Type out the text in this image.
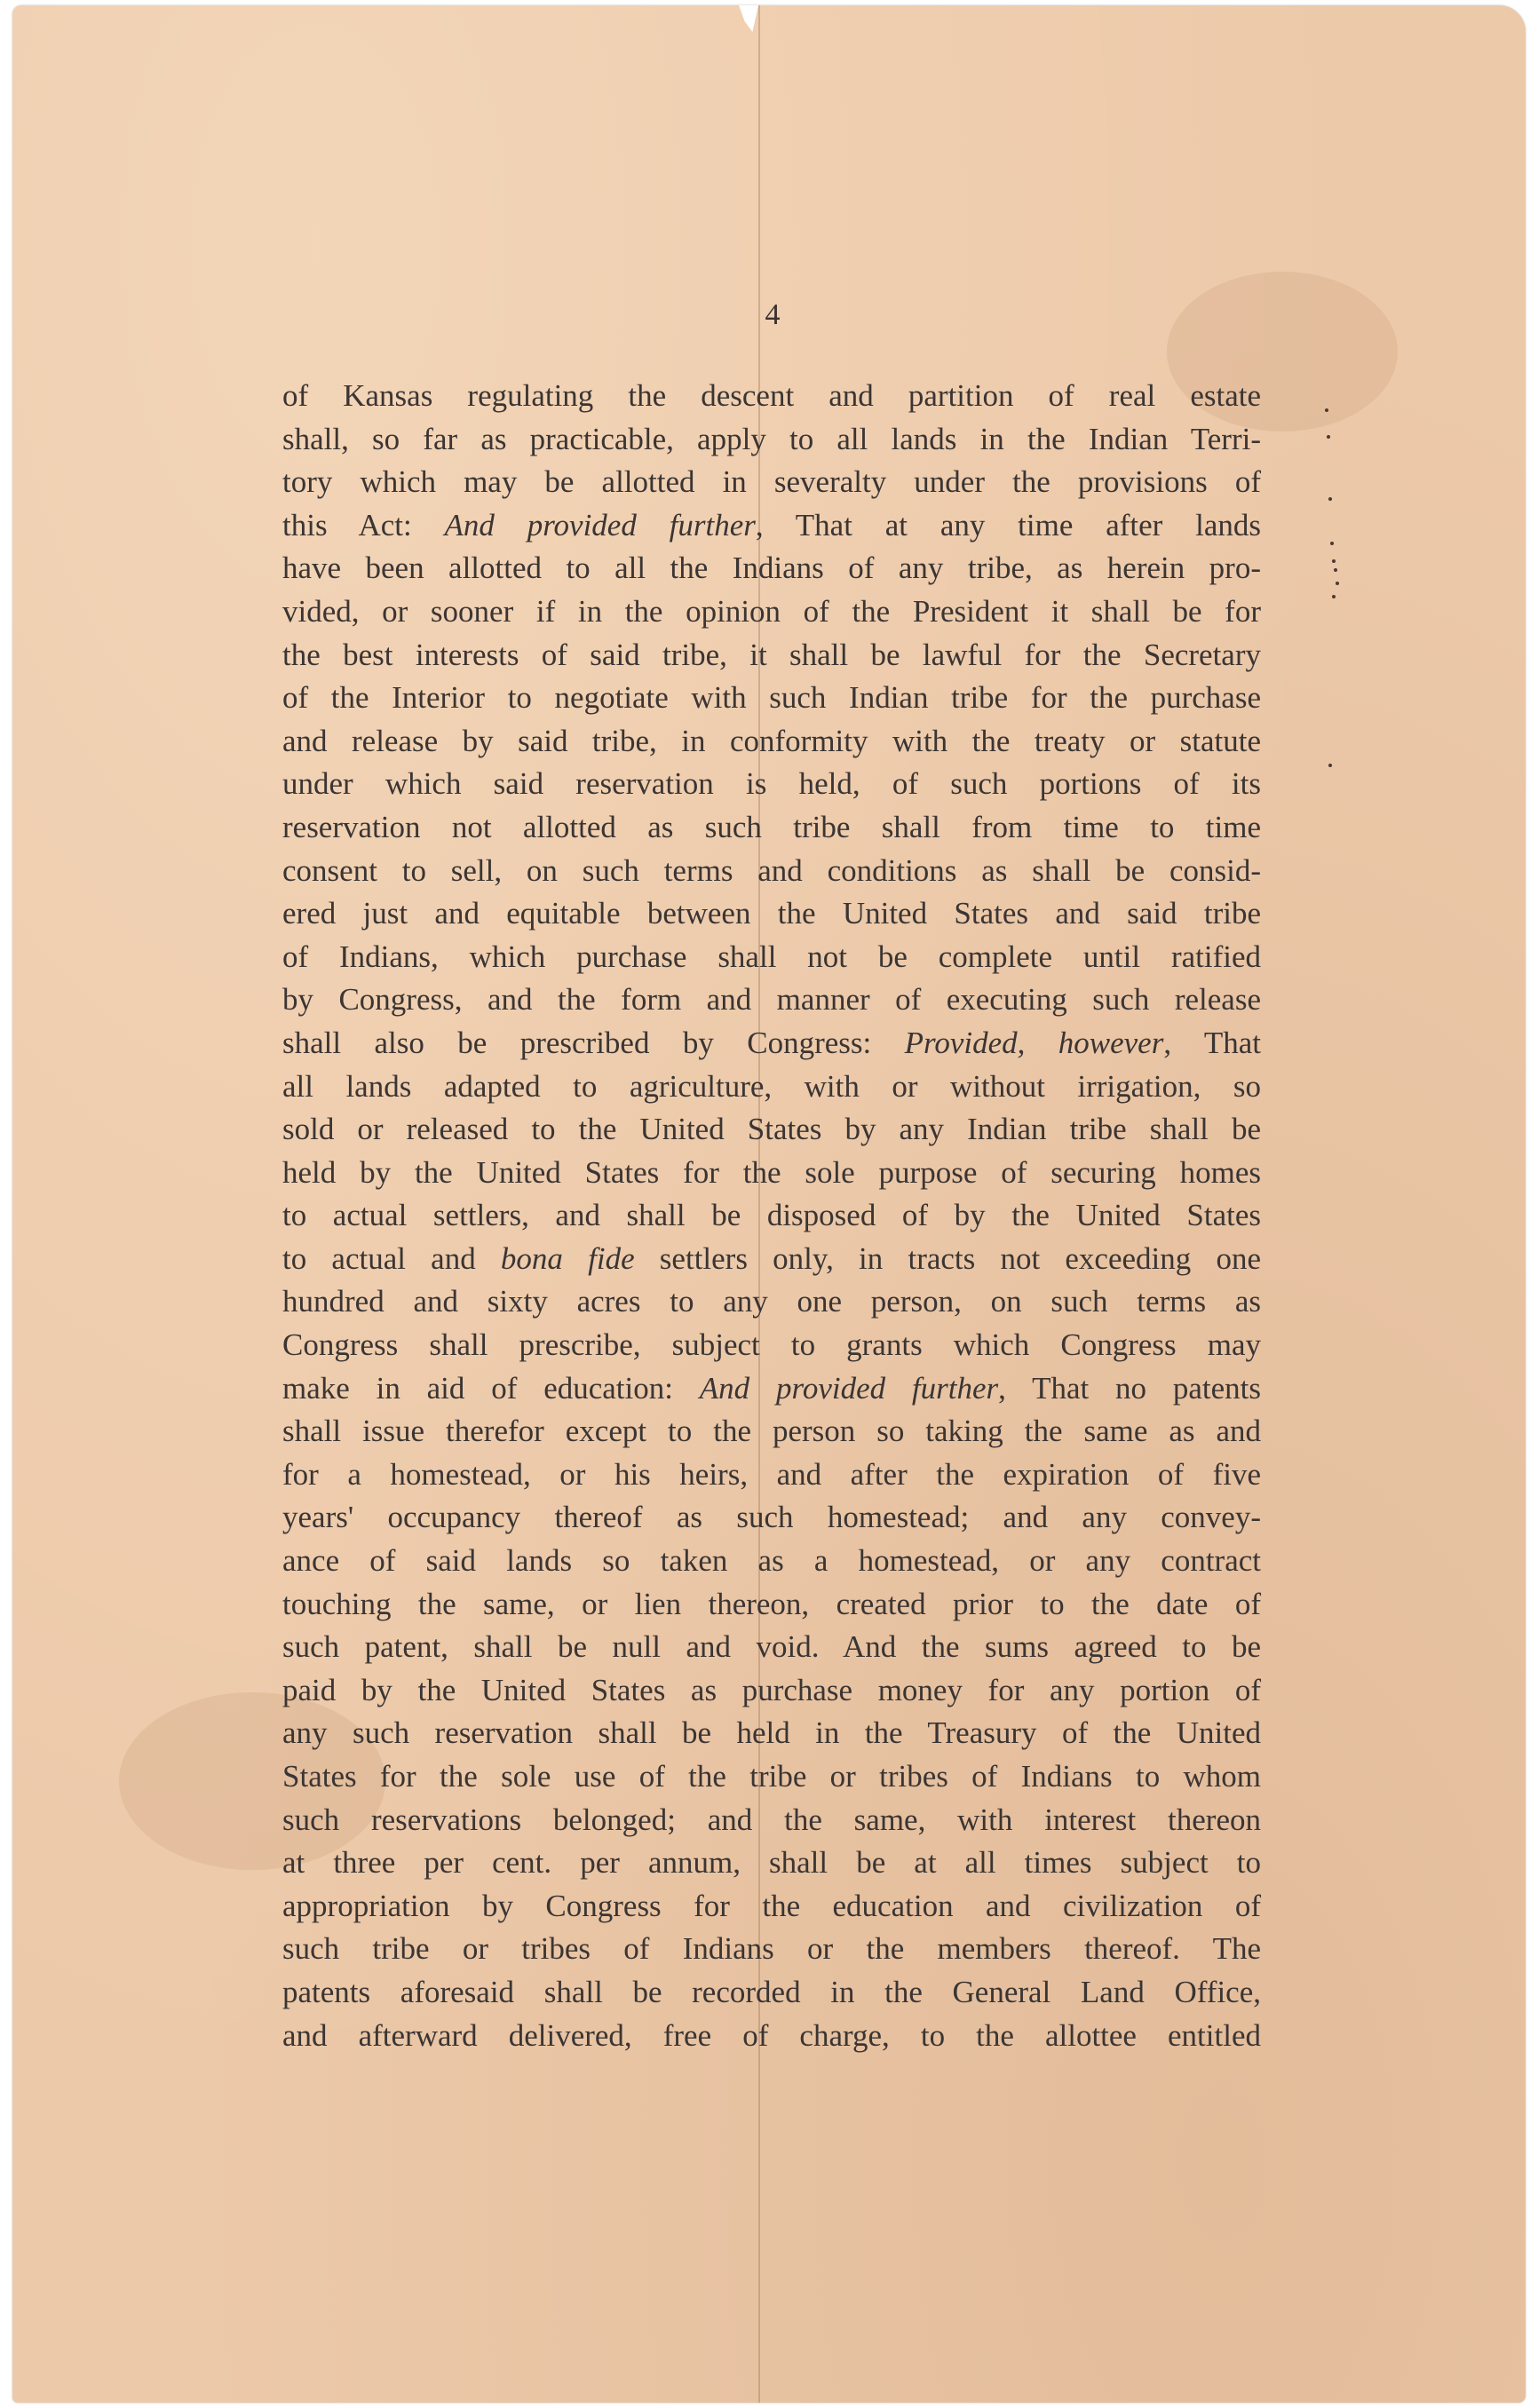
4
of Kansas regulating the descent and partition of real estate
shall, so far as practicable, apply to all lands in the Indian Terri-
tory which may be allotted in severalty under the provisions of
this Act: And provided further, That at any time after lands
have been allotted to all the Indians of any tribe, as herein pro-
vided, or sooner if in the opinion of the President it shall be for
the best interests of said tribe, it shall be lawful for the Secretary
of the Interior to negotiate with such Indian tribe for the purchase
and release by said tribe, in conformity with the treaty or statute
under which said reservation is held, of such portions of its
reservation not allotted as such tribe shall from time to time
consent to sell, on such terms and conditions as shall be consid-
ered just and equitable between the United States and said tribe
of Indians, which purchase shall not be complete until ratified
by Congress, and the form and manner of executing such release
shall also be prescribed by Congress: Provided, however, That
all lands adapted to agriculture, with or without irrigation, so
sold or released to the United States by any Indian tribe shall be
held by the United States for the sole purpose of securing homes
to actual settlers, and shall be disposed of by the United States
to actual and bona fide settlers only, in tracts not exceeding one
hundred and sixty acres to any one person, on such terms as
Congress shall prescribe, subject to grants which Congress may
make in aid of education: And provided further, That no patents
shall issue therefor except to the person so taking the same as and
for a homestead, or his heirs, and after the expiration of five
years' occupancy thereof as such homestead; and any convey-
ance of said lands so taken as a homestead, or any contract
touching the same, or lien thereon, created prior to the date of
such patent, shall be null and void. And the sums agreed to be
paid by the United States as purchase money for any portion of
any such reservation shall be held in the Treasury of the United
States for the sole use of the tribe or tribes of Indians to whom
such reservations belonged; and the same, with interest thereon
at three per cent. per annum, shall be at all times subject to
appropriation by Congress for the education and civilization of
such tribe or tribes of Indians or the members thereof. The
patents aforesaid shall be recorded in the General Land Office,
and afterward delivered, free of charge, to the allottee entitled
